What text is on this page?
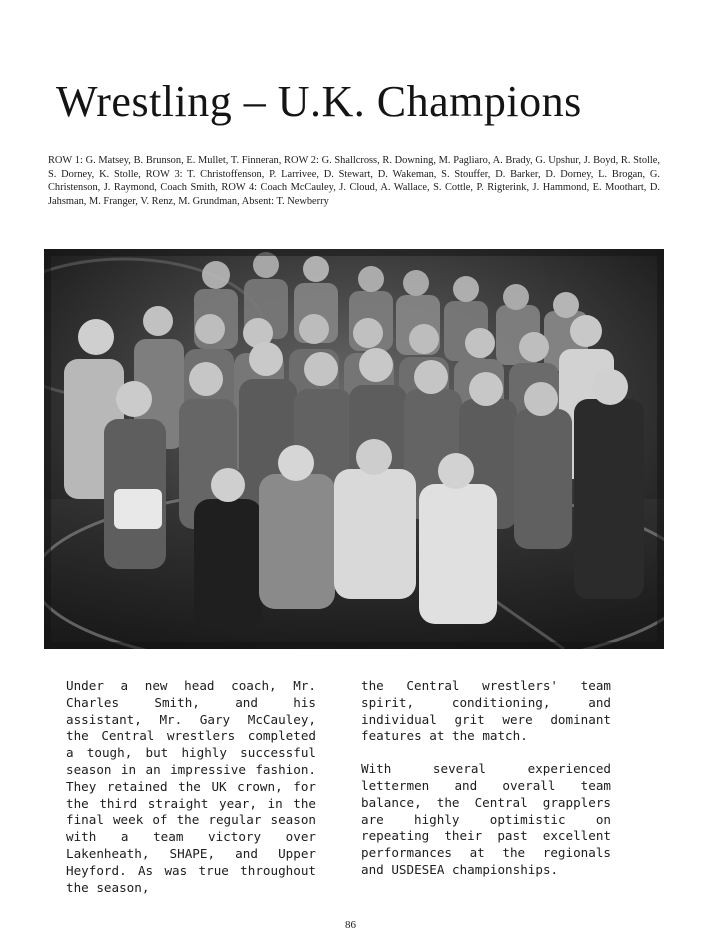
Wrestling – U.K. Champions

ROW 1: G. Matsey, B. Brunson, E. Mullet, T. Finneran, ROW 2: G. Shallcross, R. Downing, M. Pagliaro, A. Brady, G. Upshur, J. Boyd, R. Stolle, S. Dorney, K. Stolle, ROW 3: T. Christoffenson, P. Larrivee, D. Stewart, D. Wakeman, S. Stouffer, D. Barker, D. Dorney, L. Brogan, G. Christenson, J. Raymond, Coach Smith, ROW 4: Coach McCauley, J. Cloud, A. Wallace, S. Cottle, P. Rigterink, J. Hammond, E. Moothart, D. Jahsman, M. Franger, V. Renz, M. Grundman, Absent: T. Newberry

Under a new head coach, Mr. Charles Smith, and his assistant, Mr. Gary McCauley, the Central wrestlers completed a tough, but highly successful season in an impressive fashion. They retained the UK crown, for the third straight year, in the final week of the regular season with a team victory over Lakenheath, SHAPE, and Upper Heyford. As was true throughout the season,

the Central wrestlers' team spirit, conditioning, and individual grit were dominant features at the match.

With several experienced lettermen and overall team balance, the Central grapplers are highly optimistic on repeating their past excellent performances at the regionals and USDESEA championships.

86
